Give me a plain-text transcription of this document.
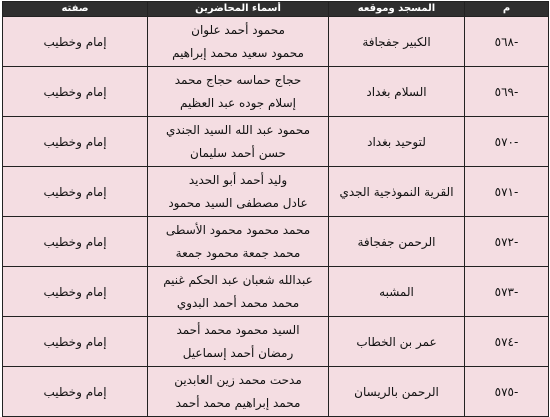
م	المسجد وموقعه	أسماء المحاضرين	صفته
-٥٦٨	الكبير جفجافة	محمود أحمد علوان
محمود سعيد محمد إبراهيم	إمام وخطيب
-٥٦٩	السلام بغداد	حجاج حماسه حجاج محمد
إسلام جوده عبد العظيم	إمام وخطيب
-٥٧٠	لتوحيد بغداد	محمود عبد الله السيد الجندي
حسن أحمد سليمان	إمام وخطيب
-٥٧١	القرية النموذجية الجدي	وليد أحمد أبو الحديد
عادل مصطفى السيد محمود	إمام وخطيب
-٥٧٢	الرحمن جفجافة	محمد محمود محمود الأسطى
محمد جمعة محمود جمعة	إمام وخطيب
-٥٧٣	المشبه	عبدالله شعبان عبد الحكم غنيم
محمد محمد أحمد البدوي	إمام وخطيب
-٥٧٤	عمر بن الخطاب	السيد محمود محمد أحمد
رمضان أحمد إسماعيل	إمام وخطيب
-٥٧٥	الرحمن بالريسان	مدحت محمد زين العابدين
محمد إبراهيم محمد أحمد	إمام وخطيب
